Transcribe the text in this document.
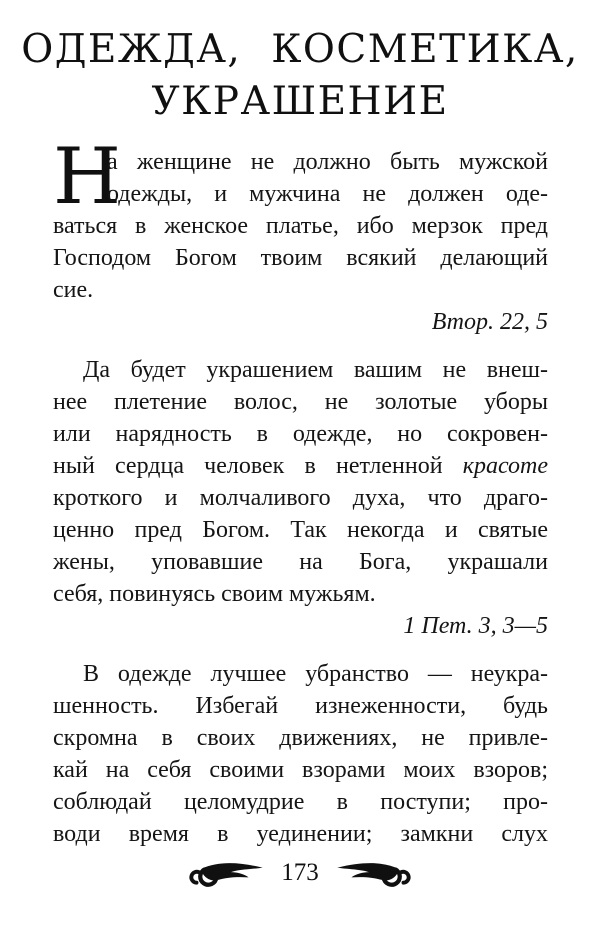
ОДЕЖДА, КОСМЕТИКА,
УКРАШЕНИЕ
Н
а женщине не должно быть мужской
одежды, и мужчина не должен оде-
ваться в женское платье, ибо мерзок пред
Господом Богом твоим всякий делающий
сие.
Втор. 22, 5
Да будет украшением вашим не внеш-
нее плетение волос, не золотые уборы
или нарядность в одежде, но сокровен-
ный сердца человек в нетленной красоте
кроткого и молчаливого духа, что драго-
ценно пред Богом. Так некогда и святые
жены, уповавшие на Бога, украшали
себя, повинуясь своим мужьям.
1 Пет. 3, 3—5
В одежде лучшее убранство — неукра-
шенность. Избегай изнеженности, будь
скромна в своих движениях, не привле-
кай на себя своими взорами моих взоров;
соблюдай целомудрие в поступи; про-
води время в уединении; замкни слух
173
